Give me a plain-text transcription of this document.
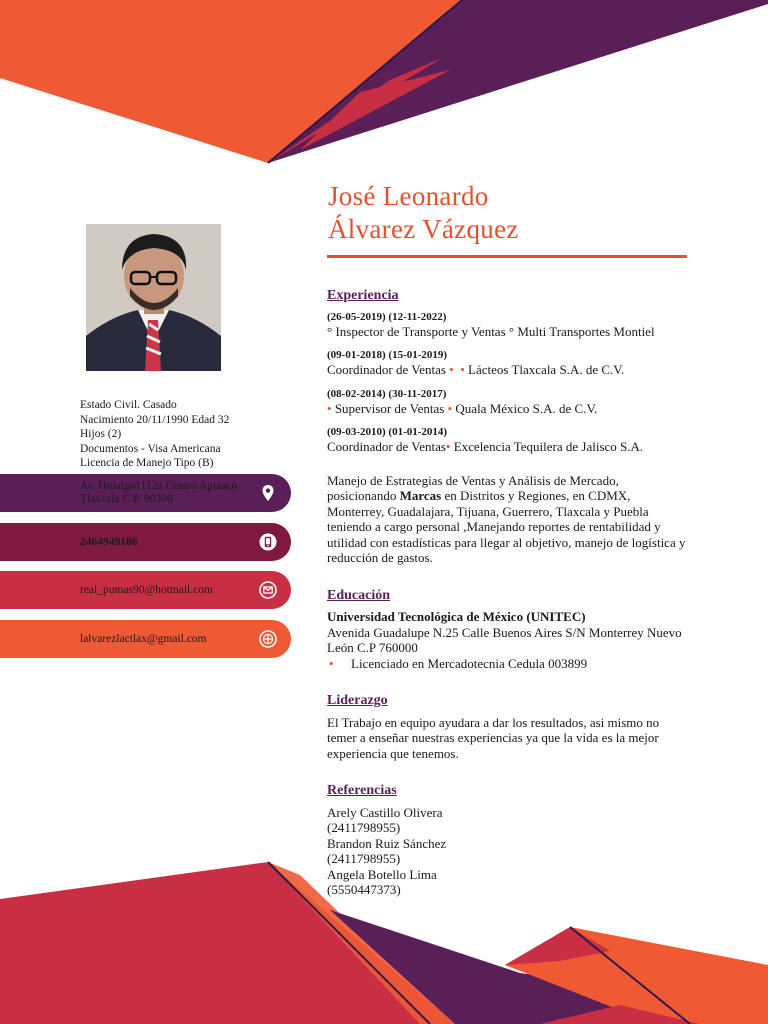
José Leonardo
Álvarez Vázquez
Estado Civil. Casado
Nacimiento 20/11/1990 Edad 32
Hijos (2)
Documentos - Visa Americana
Licencia de Manejo Tipo (B)
Av. Hidalgo1112a Centro Apizaco
Tlaxcala C.P. 90300
2464949186
real_pumas90@hotmail.com
lalvarezlactlax@gmail.com
Experiencia
(26-05-2019) (12-11-2022)
° Inspector de Transporte y Ventas ° Multi Transportes Montiel
(09-01-2018) (15-01-2019)
Coordinador de Ventas •  • Lácteos Tlaxcala S.A. de C.V.
(08-02-2014) (30-11-2017)
• Supervisor de Ventas • Quala México S.A. de C.V.
(09-03-2010) (01-01-2014)
Coordinador de Ventas• Excelencia Tequilera de Jalisco S.A.
Manejo de Estrategias de Ventas y Análisis de Mercado, posicionando Marcas en Distritos y Regiones, en CDMX, Monterrey, Guadalajara, Tijuana, Guerrero, Tlaxcala y Puebla teniendo a cargo personal ,Manejando reportes de rentabilidad y utilidad con estadísticas para llegar al objetivo, manejo de logística y reducción de gastos.
Educación
Universidad Tecnológica de México (UNITEC)
Avenida Guadalupe N.25 Calle Buenos Aires S/N Monterrey Nuevo León C.P 760000
•	Licenciado en Mercadotecnia Cedula 003899
Liderazgo
El Trabajo en equipo ayudara a dar los resultados, asi mismo no temer a enseñar nuestras experiencias ya que la vida es la mejor experiencia que tenemos.
Referencias
Arely Castillo Olivera
(2411798955)
Brandon Ruiz Sánchez
(2411798955)
Angela Botello Lima
(5550447373)
